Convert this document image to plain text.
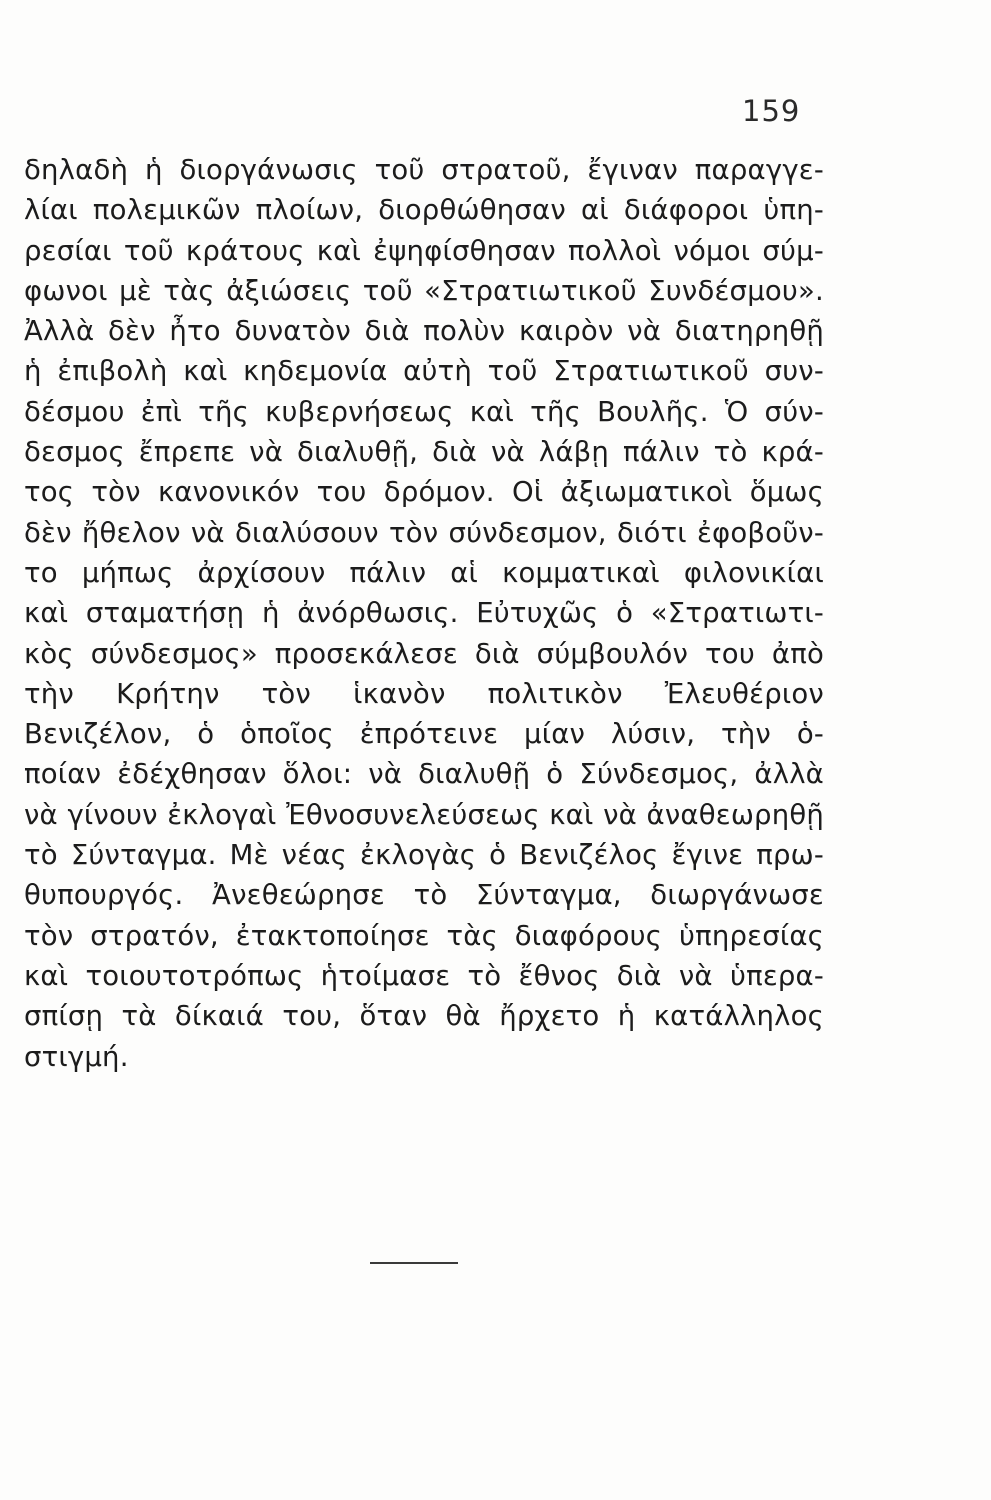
159
δηλαδὴ ἡ διοργάνωσις τοῦ στρατοῦ, ἔγιναν παραγγε-
λίαι πολεμικῶν πλοίων, διορθώθησαν αἱ διάφοροι ὑπη-
ρεσίαι τοῦ κράτους καὶ ἐψηφίσθησαν πολλοὶ νόμοι σύμ-
φωνοι μὲ τὰς ἀξιώσεις τοῦ «Στρατιωτικοῦ Συνδέσμου».
Ἀλλὰ δὲν ἦτο δυνατὸν διὰ πολὺν καιρὸν νὰ διατηρηθῇ
ἡ ἐπιβολὴ καὶ κηδεμονία αὐτὴ τοῦ Στρατιωτικοῦ συν-
δέσμου ἐπὶ τῆς κυβερνήσεως καὶ τῆς Βουλῆς. Ὁ σύν-
δεσμος ἔπρεπε νὰ διαλυθῇ, διὰ νὰ λάβῃ πάλιν τὸ κρά-
τος τὸν κανονικόν του δρόμον. Οἱ ἀξιωματικοὶ ὅμως
δὲν ἤθελον νὰ διαλύσουν τὸν σύνδεσμον, διότι ἐφοβοῦν-
το μήπως ἀρχίσουν πάλιν αἱ κομματικαὶ φιλονικίαι
καὶ σταματήσῃ ἡ ἀνόρθωσις. Εὐτυχῶς ὁ «Στρατιωτι-
κὸς σύνδεσμος» προσεκάλεσε διὰ σύμβουλόν του ἀπὸ
τὴν Κρήτην τὸν ἱκανὸν πολιτικὸν Ἐλευθέριον
Βενιζέλον, ὁ ὁποῖος ἐπρότεινε μίαν λύσιν, τὴν ὁ-
ποίαν ἐδέχθησαν ὅλοι: νὰ διαλυθῇ ὁ Σύνδεσμος, ἀλλὰ
νὰ γίνουν ἐκλογαὶ Ἐθνοσυνελεύσεως καὶ νὰ ἀναθεωρηθῇ
τὸ Σύνταγμα. Μὲ νέας ἐκλογὰς ὁ Βενιζέλος ἔγινε πρω-
θυπουργός. Ἀνεθεώρησε τὸ Σύνταγμα, διωργάνωσε
τὸν στρατόν, ἐτακτοποίησε τὰς διαφόρους ὑπηρεσίας
καὶ τοιουτοτρόπως ἡτοίμασε τὸ ἔθνος διὰ νὰ ὑπερα-
σπίσῃ τὰ δίκαιά του, ὅταν θὰ ἤρχετο ἡ κατάλληλος
στιγμή.
